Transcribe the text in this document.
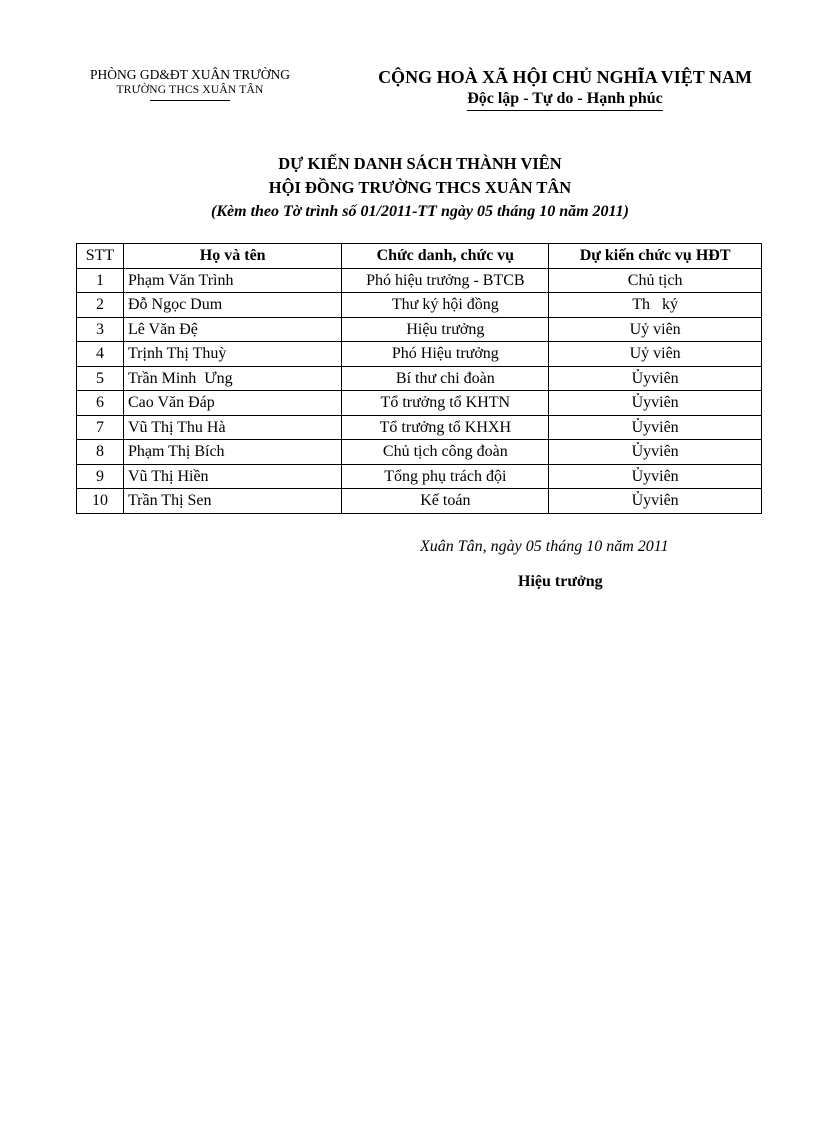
PHÒNG GD&ĐT XUÂN TRƯỜNG
TRƯỜNG THCS XUÂN TÂN
CỘNG HOÀ XÃ HỘI CHỦ NGHĨA VIỆT NAM
Độc lập - Tự do - Hạnh phúc
DỰ KIẾN DANH SÁCH THÀNH VIÊN
HỘI ĐỒNG TRƯỜNG THCS XUÂN TÂN
(Kèm theo Tờ trình số 01/2011-TT ngày 05 tháng 10 năm 2011)
STT	Họ và tên	Chức danh, chức vụ	Dự kiến chức vụ HĐT
1	Phạm Văn Trình	Phó hiệu trưởng - BTCB	Chủ tịch
2	Đỗ Ngọc Dum	Thư ký hội đồng	Th   ký
3	Lê Văn Đệ	Hiệu trưởng	Uỷ viên
4	Trịnh Thị Thuỳ	Phó Hiệu trưởng	Uỷ viên
5	Trần Minh  Ưng	Bí thư chi đoàn	Ủyviên
6	Cao Văn Đáp	Tổ trưởng tổ KHTN	Ủyviên
7	Vũ Thị Thu Hà	Tổ trưởng tổ KHXH	Ủyviên
8	Phạm Thị Bích	Chủ tịch công đoàn	Ủyviên
9	Vũ Thị Hiền	Tổng phụ trách đội	Ủyviên
10	Trần Thị Sen	Kế toán	Ủyviên
Xuân Tân, ngày 05 tháng 10 năm 2011
Hiệu trưởng
